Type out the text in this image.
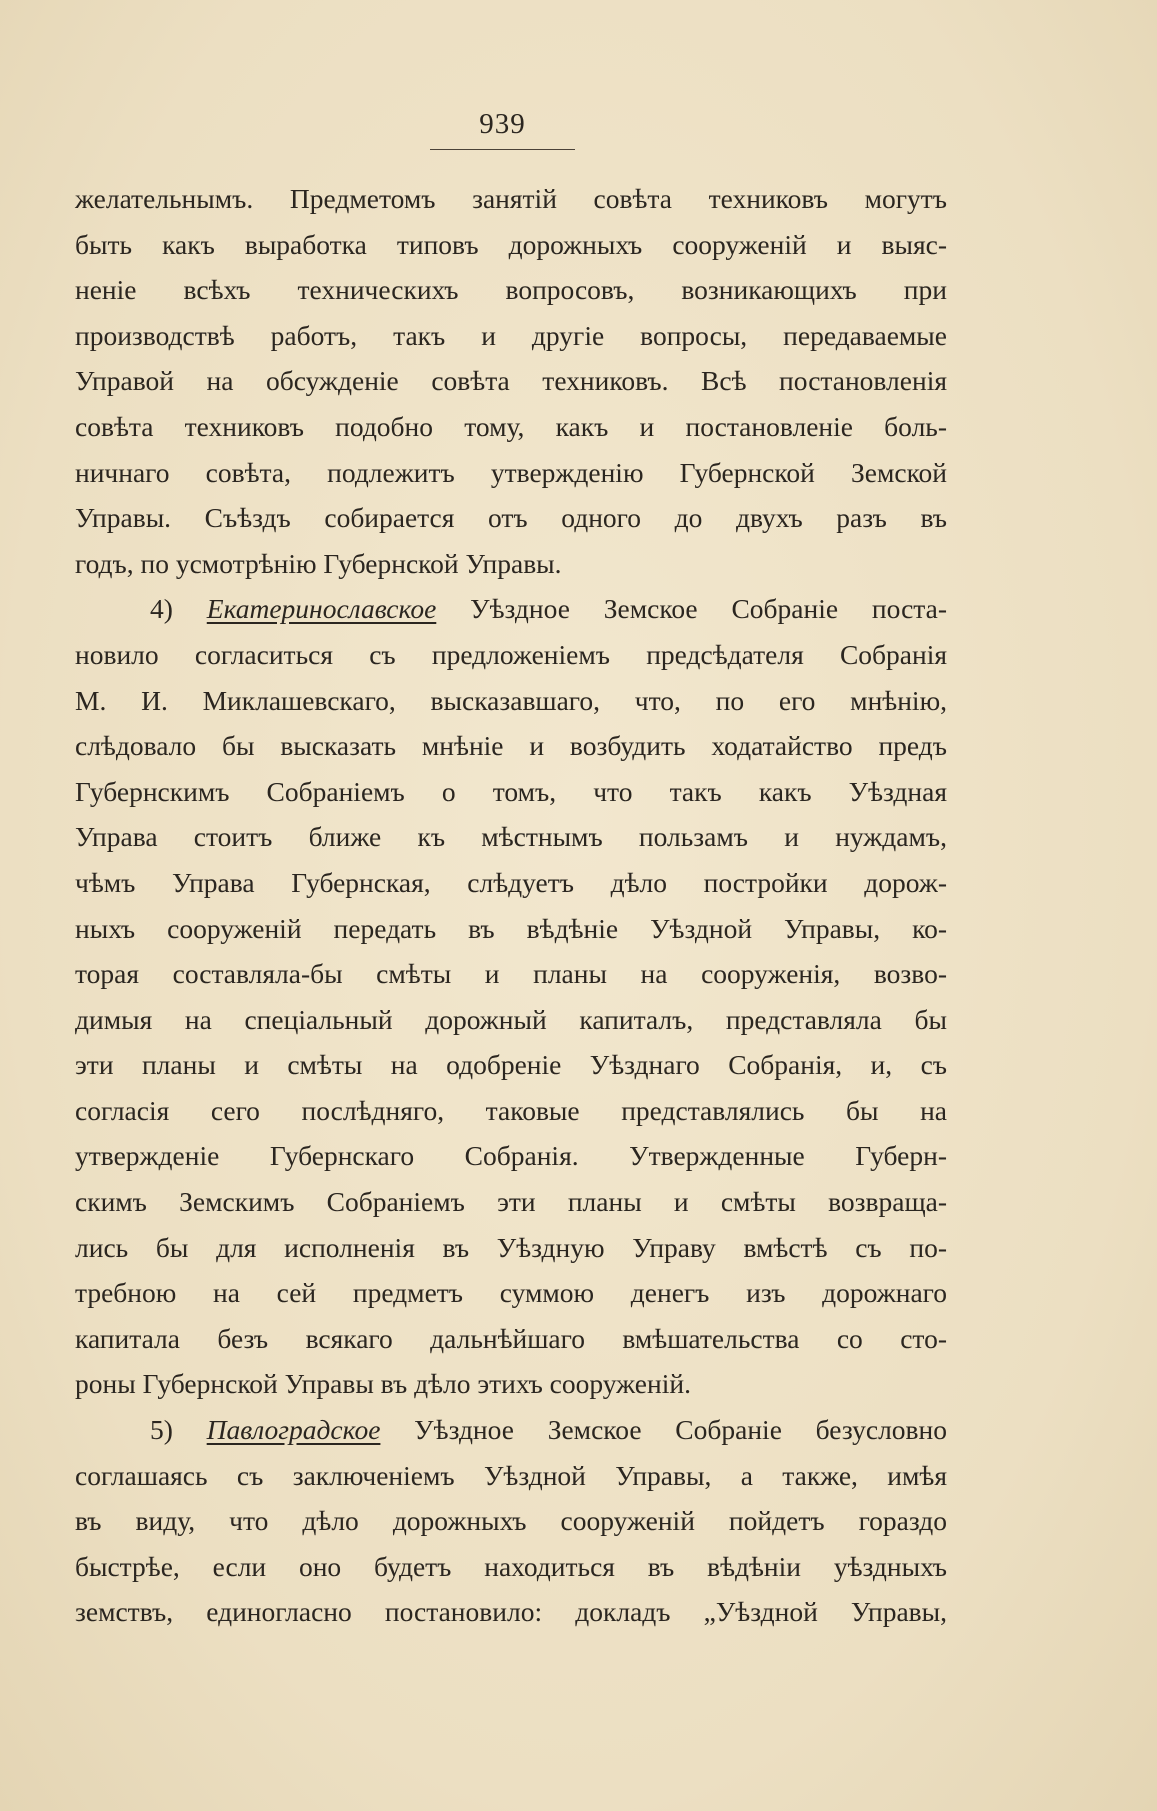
939
желательнымъ. Предметомъ занятій совѣта техниковъ могутъ
быть какъ выработка типовъ дорожныхъ сооруженій и выяс-
неніе всѣхъ техническихъ вопросовъ, возникающихъ при
производствѣ работъ, такъ и другіе вопросы, передаваемые
Управой на обсужденіе совѣта техниковъ. Всѣ постановленія
совѣта техниковъ подобно тому, какъ и постановленіе боль-
ничнаго совѣта, подлежитъ утвержденію Губернской Земской
Управы. Съѣздъ собирается отъ одного до двухъ разъ въ
годъ, по усмотрѣнію Губернской Управы.
4) Екатеринославское Уѣздное Земское Собраніе поста-
новило согласиться съ предложеніемъ предсѣдателя Собранія
М. И. Миклашевскаго, высказавшаго, что, по его мнѣнію,
слѣдовало бы высказать мнѣніе и возбудить ходатайство предъ
Губернскимъ Собраніемъ о томъ, что такъ какъ Уѣздная
Управа стоитъ ближе къ мѣстнымъ пользамъ и нуждамъ,
чѣмъ Управа Губернская, слѣдуетъ дѣло постройки дорож-
ныхъ сооруженій передать въ вѣдѣніе Уѣздной Управы, ко-
торая составляла-бы смѣты и планы на сооруженія, возво-
димыя на спеціальный дорожный капиталъ, представляла бы
эти планы и смѣты на одобреніе Уѣзднаго Собранія, и, съ
согласія сего послѣдняго, таковые представлялись бы на
утвержденіе Губернскаго Собранія. Утвержденные Губерн-
скимъ Земскимъ Собраніемъ эти планы и смѣты возвраща-
лись бы для исполненія въ Уѣздную Управу вмѣстѣ съ по-
требною на сей предметъ суммою денегъ изъ дорожнаго
капитала безъ всякаго дальнѣйшаго вмѣшательства со сто-
роны Губернской Управы въ дѣло этихъ сооруженій.
5) Павлоградское Уѣздное Земское Собраніе безусловно
соглашаясь съ заключеніемъ Уѣздной Управы, а также, имѣя
въ виду, что дѣло дорожныхъ сооруженій пойдетъ гораздо
быстрѣе, если оно будетъ находиться въ вѣдѣніи уѣздныхъ
земствъ, единогласно постановило: докладъ „Уѣздной Управы,
